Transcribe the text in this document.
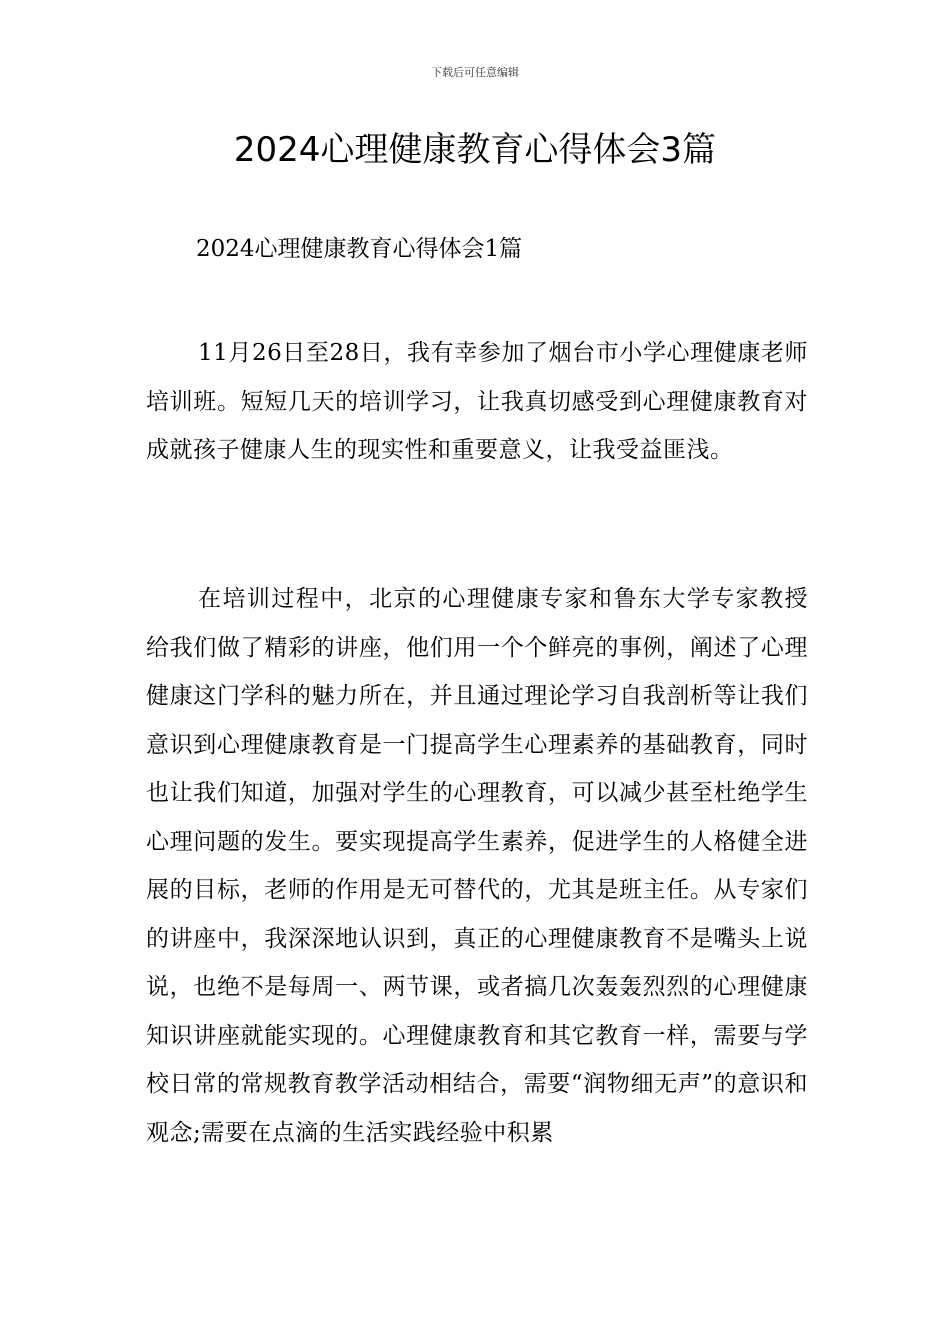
下载后可任意编辑
2024心理健康教育心得体会3篇
2024心理健康教育心得体会1篇

11月26日至28日，我有幸参加了烟台市小学心理健康老师培训班。短短几天的培训学习，让我真切感受到心理健康教育对成就孩子健康人生的现实性和重要意义，让我受益匪浅。

在培训过程中，北京的心理健康专家和鲁东大学专家教授给我们做了精彩的讲座，他们用一个个鲜亮的事例，阐述了心理健康这门学科的魅力所在，并且通过理论学习自我剖析等让我们意识到心理健康教育是一门提高学生心理素养的基础教育，同时也让我们知道，加强对学生的心理教育，可以减少甚至杜绝学生心理问题的发生。要实现提高学生素养，促进学生的人格健全进展的目标，老师的作用是无可替代的，尤其是班主任。从专家们的讲座中，我深深地认识到，真正的心理健康教育不是嘴头上说说，也绝不是每周一、两节课，或者搞几次轰轰烈烈的心理健康知识讲座就能实现的。心理健康教育和其它教育一样，需要与学校日常的常规教育教学活动相结合，需要“润物细无声”的意识和观念;需要在点滴的生活实践经验中积累
